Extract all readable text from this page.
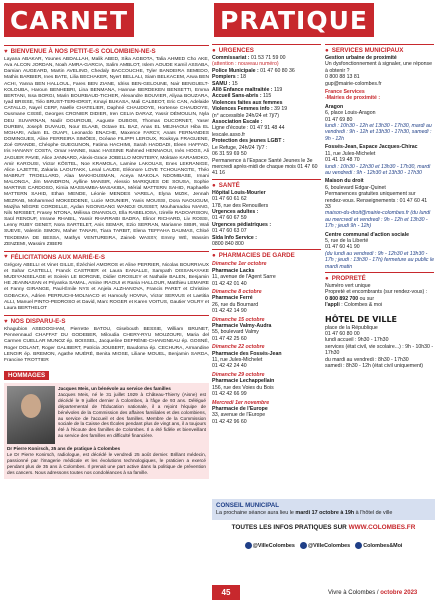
CARNET	PRATIQUE
♥ BIENVENUE À NOS PETIT-E-S COLOMBIEN-NE-S
Layana ABAKAR, Younes ABDALLAH, Malik ABED, Sika AGBOTA, Talia AHMED Cho AKE, Ava ALCON JORDAN, Noah AMRA-GARCIA, Salim AMBLOT, Islem AOUDE Kamil ASSABA, Damian AUGEARD, Martin AVELINO, Chedaly BACCOUCHE, Tyler BANDEIRA SEMEDO, Mathis BARBIER, Ines BATE, Lilia BECHAKER, Nyert BELLALI, Siam BELKACEM, Arwa BEN ACHI, Yanna BEN HALLOUL, Fares BEN ZIANE, Idriss BEN-GELOUNE, Nair BENGUELT-KOLOUBA, Haroun BENHEBRI, Lina BENMANA, Hannae BERDEKEN BENSETTI, Emma BERTANI, Issa BORGI, Marin BOURBAUD-TICHER, Alexandre BOUVIER, Aliyaa BOUZARA, Iyad BRISSE, Tiéo BRUST-TERHORST, Kmayi BUKASA, Mali CALBEOT, Eric CAN, Adelaide CATALLO, Nayel CERF, Naëlle CHATELIER, Daphné CHAUDOYE, Hortense CHAUDOYE, Ousmane CISSÉ, Georges CRONIER DIDIER, Iren CELIA DARAZ, Yassir DÉMOULIN, Nyla DEU SUVARNAN, Nadir DOUROUB, Auguste DUBOIS, Thomas DUCORNET, Yaser DURBIN, Joseph DUVAUD, Nour ELAAB, Octave EL BAZ, Anas EL MEJHAOUI Hiba EL MGHARI, Adam EL OUAFI, Leonardo ENACHE, Maxence FARCY, Anaïs FERNANDES DOMINGUES, Aline FERREIRA SIMÕES, Océane FILIPPI LEROUX, Rouksya FRAGUENE, Zoé GRANDE, Chéophe GUEGUNON, Fatima HACHIMI, Sarah HADDADI, Eleen HAFFAD, Iris HANANY COSTA, Omar HANNE, Isaac HASSINE Rahmed HENNAOUI, Inès HOOS, Ali JAGUER PAVIE, Alice JANNARD, Alexis-Grace JOBELLO MONTEIRY, Moktare KARAMOKO, Amir KAROUSI, Victor KÖSTEL, Noe KRAMOLA, Lamine LAKOUAS, Enes LEKRANIGE, Alice LAJETTE, Zakaria LAOUTAKK, Lenal LAUDE, Eléonore LOVE TCHOUANGTE, Théo MABRUT TROELLARD, Alaa MAKHOUSMAN, Aceya MAKOLA NDOMBASE, Imani MALONGA, Jim MANDRON, Aylline MANSIR, Alessio MARIQUES DE SOUSA, Sophie MARTINS CARDOSO, Kimia MASSAMBA-MASAKIBA, Mérial MATTERN SAHID, Raphaëlle MATTERN SAHID, Ethan MENDE, Léonie MENDES VARELA, Elyna MIZIK, Jennah MEZRAB, Mohammed MOKEDDENE, Lucie MOUNIER, Yanis MOUSSI, Dora NAOUGUM, Mazjha NÈGRE CORDELLE, Aydan NGONGANG WANDJI OUSSET, Mouhamadou NIANG, Nils NIRSBET, Frasey NTONA, Mélissa ONANOLO, Ella RABELIOSA, Izirelle RADOARISON, Saül RENOUF, Imrane RHABIL, Yassir RHARRABI BADRA, Elinor RICHARD, Liv ROSSI, Lenny RUBY GENET, Nora SARTELET, Anis SEMAR, Ezio SERRAN, Marianne SIBIR, Wali SUEVE, Valentin SIMON, Maher TANARI, Tiara TARBIT, Elena TEFFAHA DAUMAS, Chloé TEKDEMIA DE BESSA, Mathys VENTUREIRA, Zaineb WASSY, Emmy WÉ, Wassim ZENZEMI, Wassim ZIBERI
♥ FÉLICITATIONS AUX MARIÉ-E-S
Grégory ABELLI et Vinet GILLE, Ézéchiel AMOROS et Aline PERRIER, Nicolas BOURRIAUX et Sahar CASTELLI, Franck CASTRIER et Laura EANALLE, Sampath DISSANAYAKE MUDIYANSELAGE et Soirein LE BORGNE, Didier GROSLEY et Nathalie BALEN, Benjamin HE JEANNASAN et Priyanka SAMAL, Amine IRAOUI et Rania HALLOUR, Matthieu LEMAIRE et Fanny GIRANGE, Paul-Émile NYS et Anjela ALZHANOVA, Francis PARET et Christine GOBACKA, Adrien PERRUCHI-MOLNACO et Hamoufy HOVNA, Victor SERVUS et Laetitia ALLI, Manuel PINTO-PEDROSO et David, Marc ROGER et Karen VOITUS, Gautier VOLRY et Laura BERTHELOT
♥ NOS DISPARU-E-S
Khagubion ASBOOGHAM, Pierrette BATOU, Gisebouth BESSIE, William BRUNET, Pennennaud CHAFFAT DU GODEBER, Miloudia CHERY-RYU MOUZOURI, Maria del Carmen CUELLAR MUNOZ ép. BOISSEL, Jacqueline DEFRÉNE-CHANGNEAU ép. GOSNÉ, Roger DOLANT, Roger GALIBERT, Patricia JOUBERT, Baudoïna ép. CECHURA, Armandine LENOIR ép. BREMON, Agathe MUÉRÉ, Benita MIOSE, Liliane MOUEL, Benjamin SARDA, Francine TROTTIER
HOMMAGES
Jacques Meis, un bénévole au service des familles
Jacques Meis, né le 31 juillet 1929 à Château-Thierry (Aisne) est décédé le 9 juillet dernier à Colombes, à l'âge de 93 ans. Délégué départemental de l'Éducation nationale, il a rejoint l'équipe de bénévoles de la Commission des affaires familiales et des colombiens, au service de l'accueil et des familles. Membre de la Commission sociale de la Caisse des Écoles pendant plus de vingt ans, il a toujours été à l'écoute des familles de Colombes. Il a été fidèle et bienveillant au service des familles en difficulté financière.
Dr Pierre Konirsch, 35 ans de pratique à Colombes
Le Dr Pierre Konirsch, radiologue, est décédé le vendredi 25 août dernier. Brillant médecin, passionné par l'imagerie médicale et les évolutions technologiques, le praticien a exercé pendant plus de 35 ans à Colombes. Il prenait une part active dans la politique de prévention des cancers. Nous adressons toutes nos condoléances à sa famille.
● URGENCES
Commissariat : 01 53 71 59 00
(attention : nouveau numéro)
Police Municipale : 01 47 60 80 36
Pompiers : 18
SAMU : 15
Allô Enfance maltraitée : 119
Accueil Sans-abris : 115
Violences faites aux femmes
Violences Femmes info : 39 19
(n° accessible 24h/24 et 7j/7)
Association Escale :
Ligne d'écoute : 01 47 91 48 44
lescale.asso.fr
Protection des jeunes LGBT :
Le Refuge, 24h/24 7j/7 :
06 31 59 69 50
Permanence à l'Espace Santé Jeunes le 3e mercredi après-midi de chaque mois 01 47 60 41 16
● SANTÉ
Hôpital Louis-Mourier
01 47 60 61 62
178, rue des Renouillers
Urgences adultes :
01 47 60 67 59
Urgences pédiatriques :
01 47 60 63 07
Sida Info Service :
0800 840 800
● PHARMACIES DE GARDE
Dimanche 1er octobre
Pharmacie Lacks
11, avenue de l'Agent Sarre
01 42 42 01 40
Dimanche 8 octobre
Pharmacie Ferré
26, rue du Bournard
01 42 42 14 90
Dimanche 15 octobre
Pharmacie Valmy-Audra
55, boulevard Valmy
01 47 42 25 60
Dimanche 22 octobre
Pharmacie des Fossés-Jean
11, rue Jules-Michelet
01 42 42 24 40
Dimanche 29 octobre
Pharmacie Lechappellain
156, rue des Voies du Bois
01 42 42 66 99
Mercredi 1er novembre
Pharmacie de l'Europe
33, avenue de l'Europe
01 42 42 96 60
● SERVICES MUNICIPAUX
Gestion urbaine de proximité
Un dysfonctionnement à signaler, une réponse à obtenir ?
0 800 88 13 81
gup@mairie-colombes.fr
France Services
-Mairies de proximité :
Aragon
6, place Louis-Aragon
01 47 69 80
lundi : 10h30 - 12h et 13h30 - 17h30, mardi au vendredi : 9h - 12h et 13h30 - 17h30, samedi : 9h - 12h
Fossés-Jean, Espace Jacques-Chirac
11, rue Jules-Michelet
01 41 19 48 70
lundi : 10h30 - 12h30 et 13h30 - 17h30, mardi au vendredi : 9h - 12h30 et 13h30 - 17h30
Maison du droit
6, boulevard Edgar-Quinet
Permanences gratuites uniquement sur rendez-vous. Renseignements : 01 47 60 41 33
maison-du-droit@mairie-colombes.fr (du lundi au mercredi et vendredi : 9h - 12h et 13h30 - 17h ; jeudi 9h - 12h)
Centre communal d'action sociale
5, rue de la Liberté
01 47 60 41 90
(du lundi au vendredi : 9h - 12h30 et 13h30 - 17h ; jeudi : 13h30 - 17h) fermeture au public le mardi matin
● PROPRETÉ
Numéro vert unique
Propreté et encombrants (sur rendez-vous) :
0 800 892 700 ou sur
l'appli : Colombes & moi
HÔTEL DE VILLE
place de la République
01 47 60 80 00
lundi accueil : 9h30 - 17h30
services (état civil, vie scolaire...) : 9h - 10h30 - 17h30
du mardi au vendredi : 8h30 - 17h30
samedi : 8h30 - 12h (état civil uniquement)
CONSEIL MUNICIPAL
La prochaine séance aura lieu le mardi 17 octobre à 19h à l'hôtel de ville
TOUTES LES INFOS PRATIQUES SUR WWW.COLOMBES.FR
@VilleColombes	@VilleColombes	Colombes&Moi
45	Vivre à Colombes / octobre 2023
